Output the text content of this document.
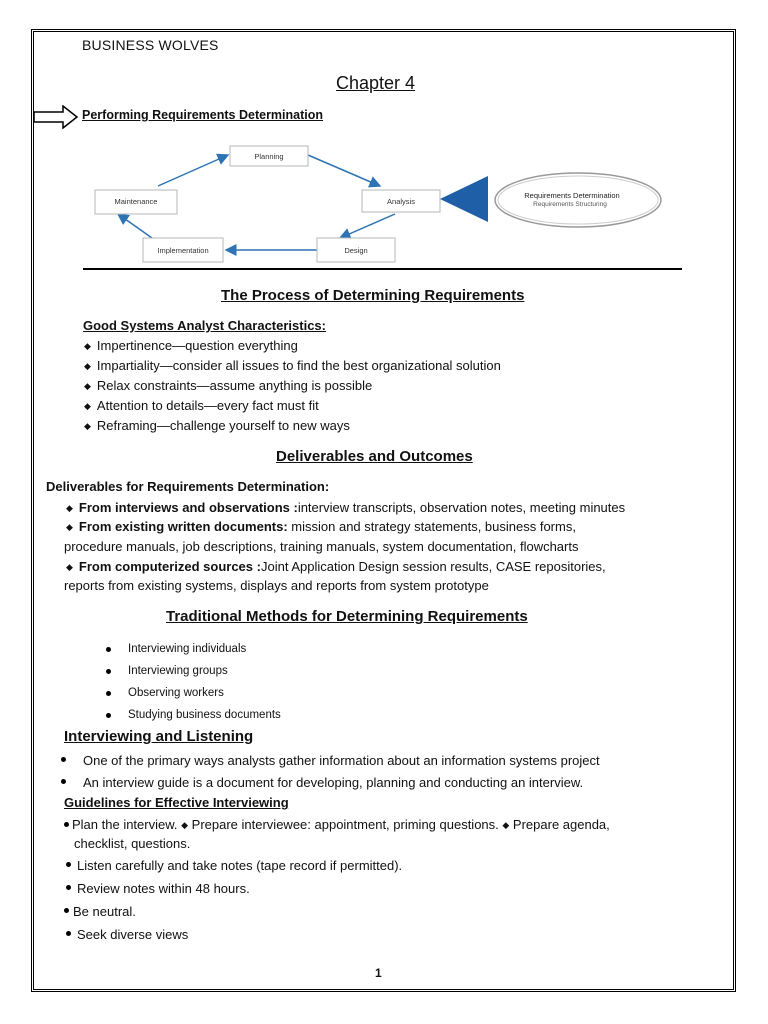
BUSINESS WOLVES
Chapter 4
Performing Requirements Determination
Requirements Determination
Requirements Structuring
Planning
Analysis
Design
Implementation
Maintenance
The Process of Determining Requirements
Good Systems Analyst Characteristics:
◆ Impertinence—question everything
◆ Impartiality—consider all issues to find the best organizational solution
◆ Relax constraints—assume anything is possible
◆ Attention to details—every fact must fit
◆ Reframing—challenge yourself to new ways
Deliverables and Outcomes
Deliverables for Requirements Determination:
◆ From interviews and observations :interview transcripts, observation notes, meeting minutes
◆ From existing written documents: mission and strategy statements, business forms,
procedure manuals, job descriptions, training manuals, system documentation, flowcharts
◆ From computerized sources :Joint Application Design session results, CASE repositories,
reports from existing systems, displays and reports from system prototype
Traditional Methods for Determining Requirements
Interviewing individuals
Interviewing groups
Observing workers
Studying business documents
Interviewing and Listening
One of the primary ways analysts gather information about an information systems project
An interview guide is a document for developing, planning and conducting an interview.
Guidelines for Effective Interviewing
Plan the interview. ◆ Prepare interviewee: appointment, priming questions. ◆ Prepare agenda,
checklist, questions.
Listen carefully and take notes (tape record if permitted).
Review notes within 48 hours.
Be neutral.
Seek diverse views
1
